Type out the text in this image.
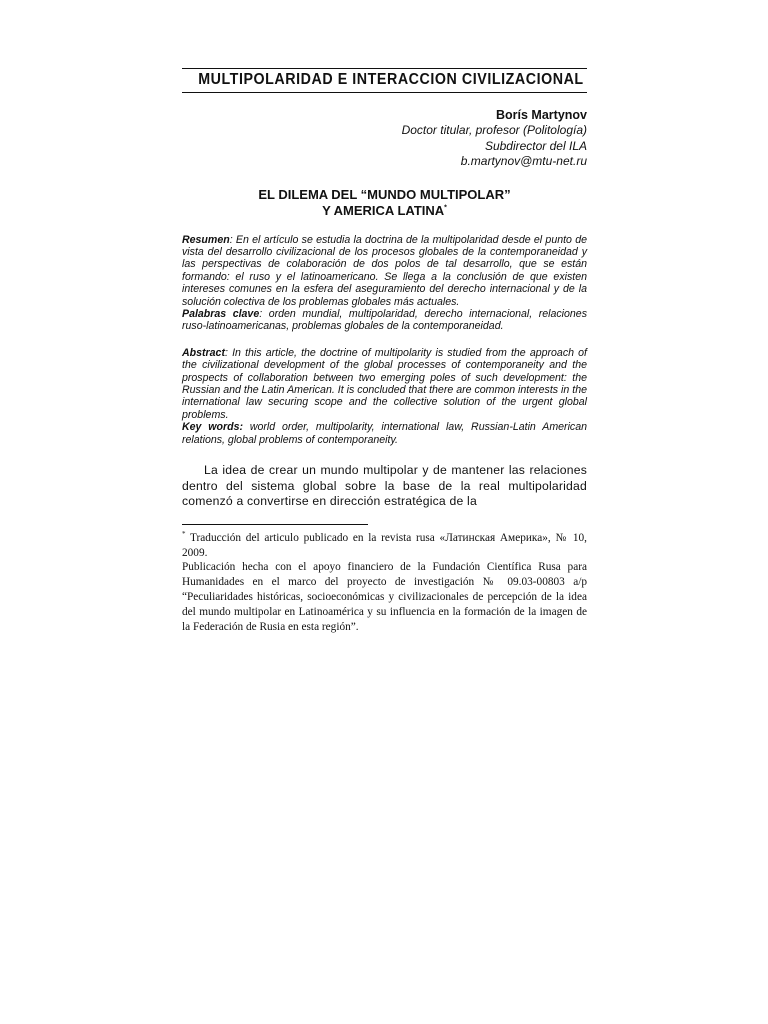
MULTIPOLARIDAD E INTERACCION CIVILIZACIONAL
Borís Martynov
Doctor titular, profesor (Politología)
Subdirector del ILA
b.martynov@mtu-net.ru
EL DILEMA DEL “MUNDO MULTIPOLAR”
Y AMERICA LATINA*

Resumen: En el artículo se estudia la doctrina de la multipolaridad desde el punto de vista del desarrollo civilizacional de los procesos globales de la contemporaneidad y las perspectivas de colaboración de dos polos de tal desarrollo, que se están formando: el ruso y el latinoamericano. Se llega a la conclusión de que existen intereses comunes en la esfera del aseguramiento del derecho internacional y de la solución colectiva de los problemas globales más actuales.

Palabras clave: orden mundial, multipolaridad, derecho internacional, relaciones ruso-latinoamericanas, problemas globales de la contemporaneidad.

Abstract: In this article, the doctrine of multipolarity is studied from the approach of the civilizational development of the global processes of contemporaneity and the prospects of collaboration between two emerging poles of such development: the Russian and the Latin American. It is concluded that there are common interests in the international law securing scope and the collective solution of the urgent global problems.

Key words: world order, multipolarity, international law, Russian-Latin American relations, global problems of contemporaneity.

La idea de crear un mundo multipolar y de mantener las relaciones dentro del sistema global sobre la base de la real multipolaridad comenzó a convertirse en dirección estratégica de la

* Traducción del articulo publicado en la revista rusa «Латинская Америка», № 10, 2009.

Publicación hecha con el apoyo financiero de la Fundación Científica Rusa para Humanidades en el marco del proyecto de investigación № 09.03-00803 a/p “Peculiaridades históricas, socioeconómicas y civilizacionales de percepción de la idea del mundo multipolar en Latinoamérica y su influencia en la formación de la imagen de la Federación de Rusia en esta región”.
